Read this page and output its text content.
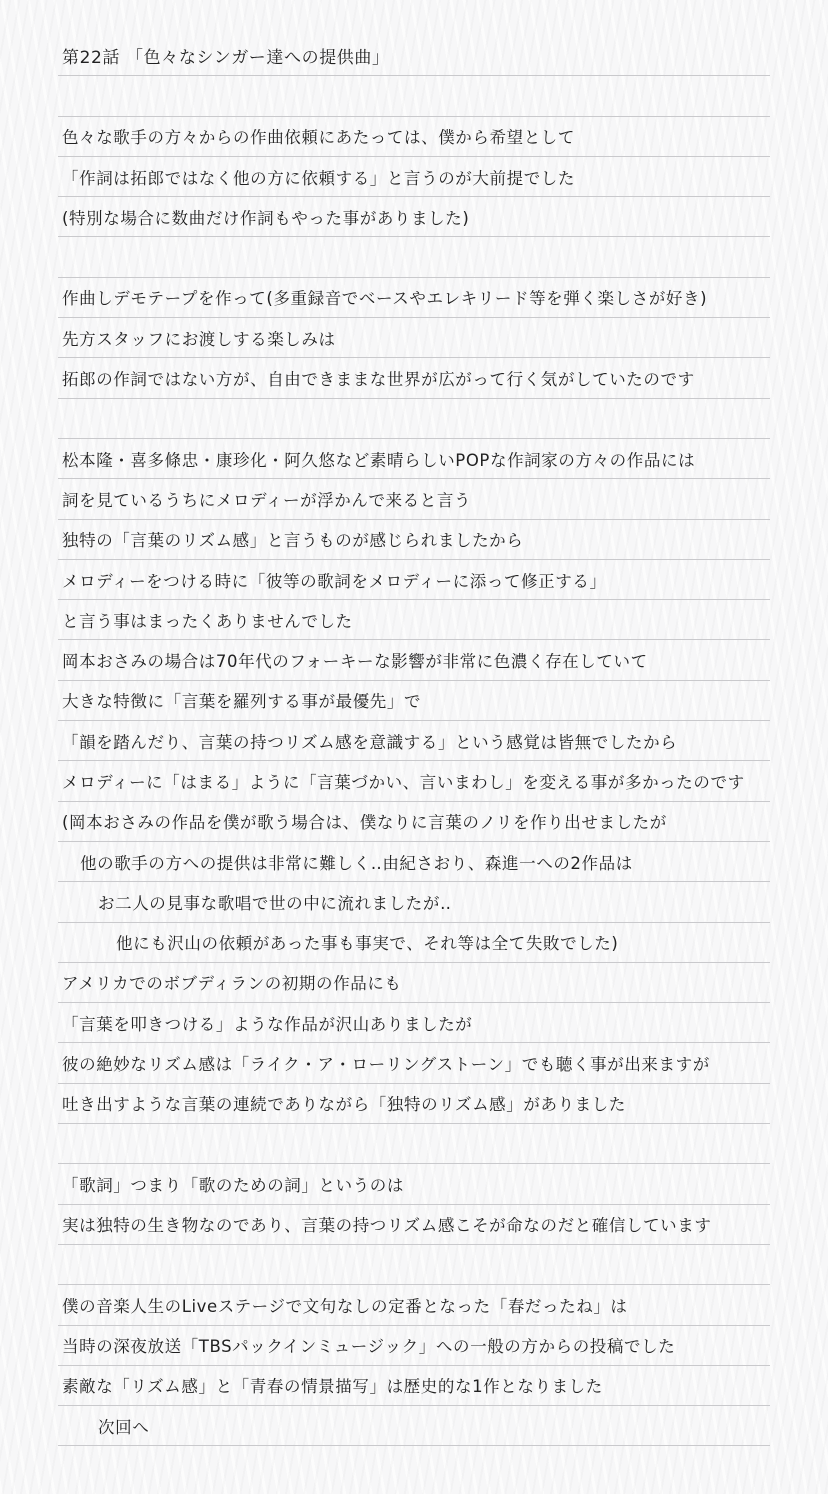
第22話 「色々なシンガー達への提供曲」
色々な歌手の方々からの作曲依頼にあたっては、僕から希望として
「作詞は拓郎ではなく他の方に依頼する」と言うのが大前提でした
(特別な場合に数曲だけ作詞もやった事がありました)
作曲しデモテープを作って(多重録音でベースやエレキリード等を弾く楽しさが好き)
先方スタッフにお渡しする楽しみは
拓郎の作詞ではない方が、自由できままな世界が広がって行く気がしていたのです
松本隆・喜多條忠・康珍化・阿久悠など素晴らしいPOPな作詞家の方々の作品には
詞を見ているうちにメロディーが浮かんで来ると言う
独特の「言葉のリズム感」と言うものが感じられましたから
メロディーをつける時に「彼等の歌詞をメロディーに添って修正する」
と言う事はまったくありませんでした
岡本おさみの場合は70年代のフォーキーな影響が非常に色濃く存在していて
大きな特徴に「言葉を羅列する事が最優先」で
「韻を踏んだり、言葉の持つリズム感を意識する」という感覚は皆無でしたから
メロディーに「はまる」ように「言葉づかい、言いまわし」を変える事が多かったのです
(岡本おさみの作品を僕が歌う場合は、僕なりに言葉のノリを作り出せましたが
他の歌手の方への提供は非常に難しく‥由紀さおり、森進一への2作品は
お二人の見事な歌唱で世の中に流れましたが‥
他にも沢山の依頼があった事も事実で、それ等は全て失敗でした)
アメリカでのボブディランの初期の作品にも
「言葉を叩きつける」ような作品が沢山ありましたが
彼の絶妙なリズム感は「ライク・ア・ローリングストーン」でも聴く事が出来ますが
吐き出すような言葉の連続でありながら「独特のリズム感」がありました
「歌詞」つまり「歌のための詞」というのは
実は独特の生き物なのであり、言葉の持つリズム感こそが命なのだと確信しています
僕の音楽人生のLiveステージで文句なしの定番となった「春だったね」は
当時の深夜放送「TBSパックインミュージック」への一般の方からの投稿でした
素敵な「リズム感」と「青春の情景描写」は歴史的な1作となりました
次回へ
